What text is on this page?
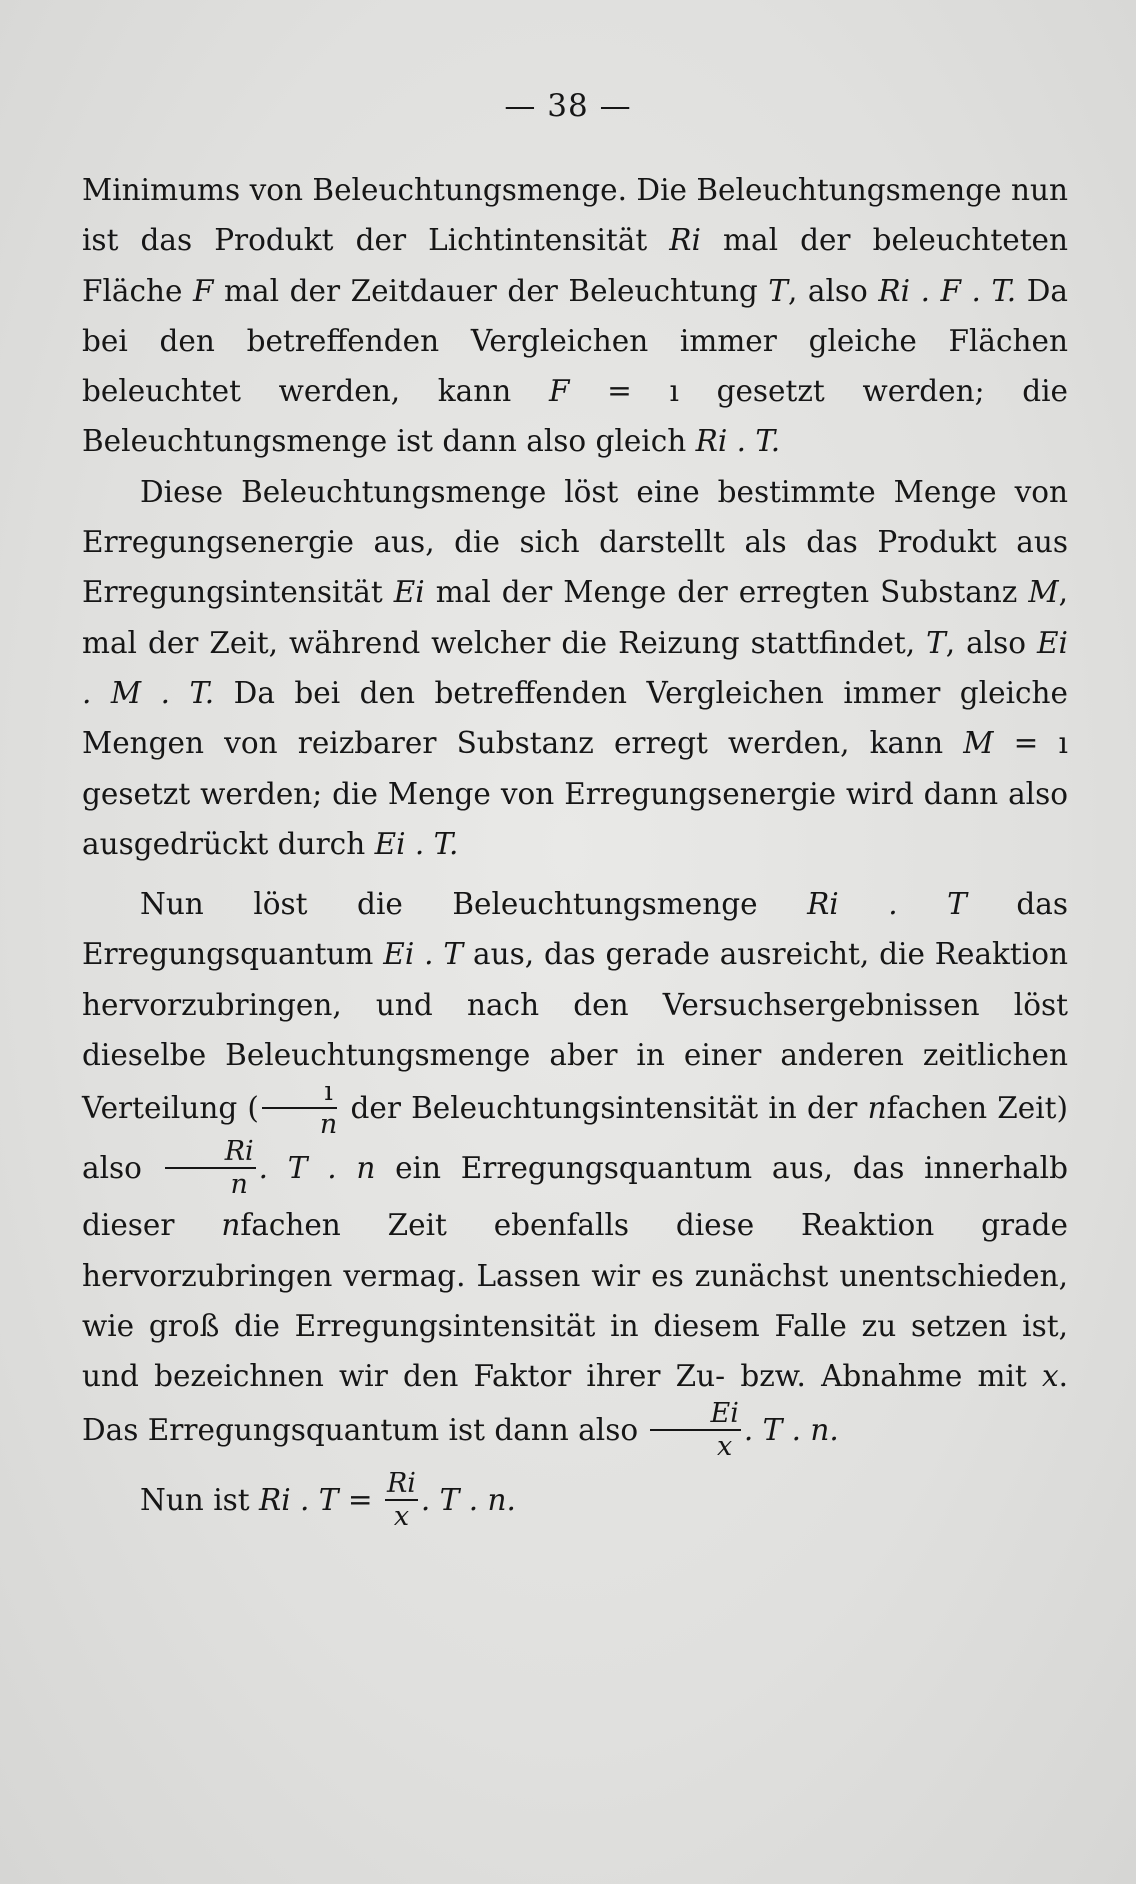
— 38 —

Minimums von Beleuchtungsmenge. Die Beleuchtungsmenge nun ist das Produkt der Lichtintensität Ri mal der beleuchteten Fläche F mal der Zeitdauer der Beleuchtung T, also Ri . F . T. Da bei den betreffenden Vergleichen immer gleiche Flächen beleuchtet werden, kann F = ı gesetzt werden; die Beleuchtungsmenge ist dann also gleich Ri . T.

Diese Beleuchtungsmenge löst eine bestimmte Menge von Erregungsenergie aus, die sich darstellt als das Produkt aus Erregungsintensität Ei mal der Menge der erregten Substanz M, mal der Zeit, während welcher die Reizung stattfindet, T, also Ei . M . T. Da bei den betreffenden Vergleichen immer gleiche Mengen von reizbarer Substanz erregt werden, kann M = ı gesetzt werden; die Menge von Erregungsenergie wird dann also ausgedrückt durch Ei . T.

Nun löst die Beleuchtungsmenge Ri . T das Erregungsquantum Ei . T aus, das gerade ausreicht, die Reaktion hervorzubringen, und nach den Versuchsergebnissen löst dieselbe Beleuchtungsmenge aber in einer anderen zeitlichen Verteilung ( $\frac{ı}{n}$ der Beleuchtungsintensität in der nfachen Zeit) also $\frac{Ri}{n}$ . T . n ein Erregungsquantum aus, das innerhalb dieser nfachen Zeit ebenfalls diese Reaktion grade hervorzubringen vermag. Lassen wir es zunächst unentschieden, wie groß die Erregungsintensität in diesem Falle zu setzen ist, und bezeichnen wir den Faktor ihrer Zu- bzw. Abnahme mit x. Das Erregungsquantum ist dann also $\frac{Ei}{x}$ . T . n.

Nun ist Ri . $T = \frac{Ri}{x}$ . T . n.
